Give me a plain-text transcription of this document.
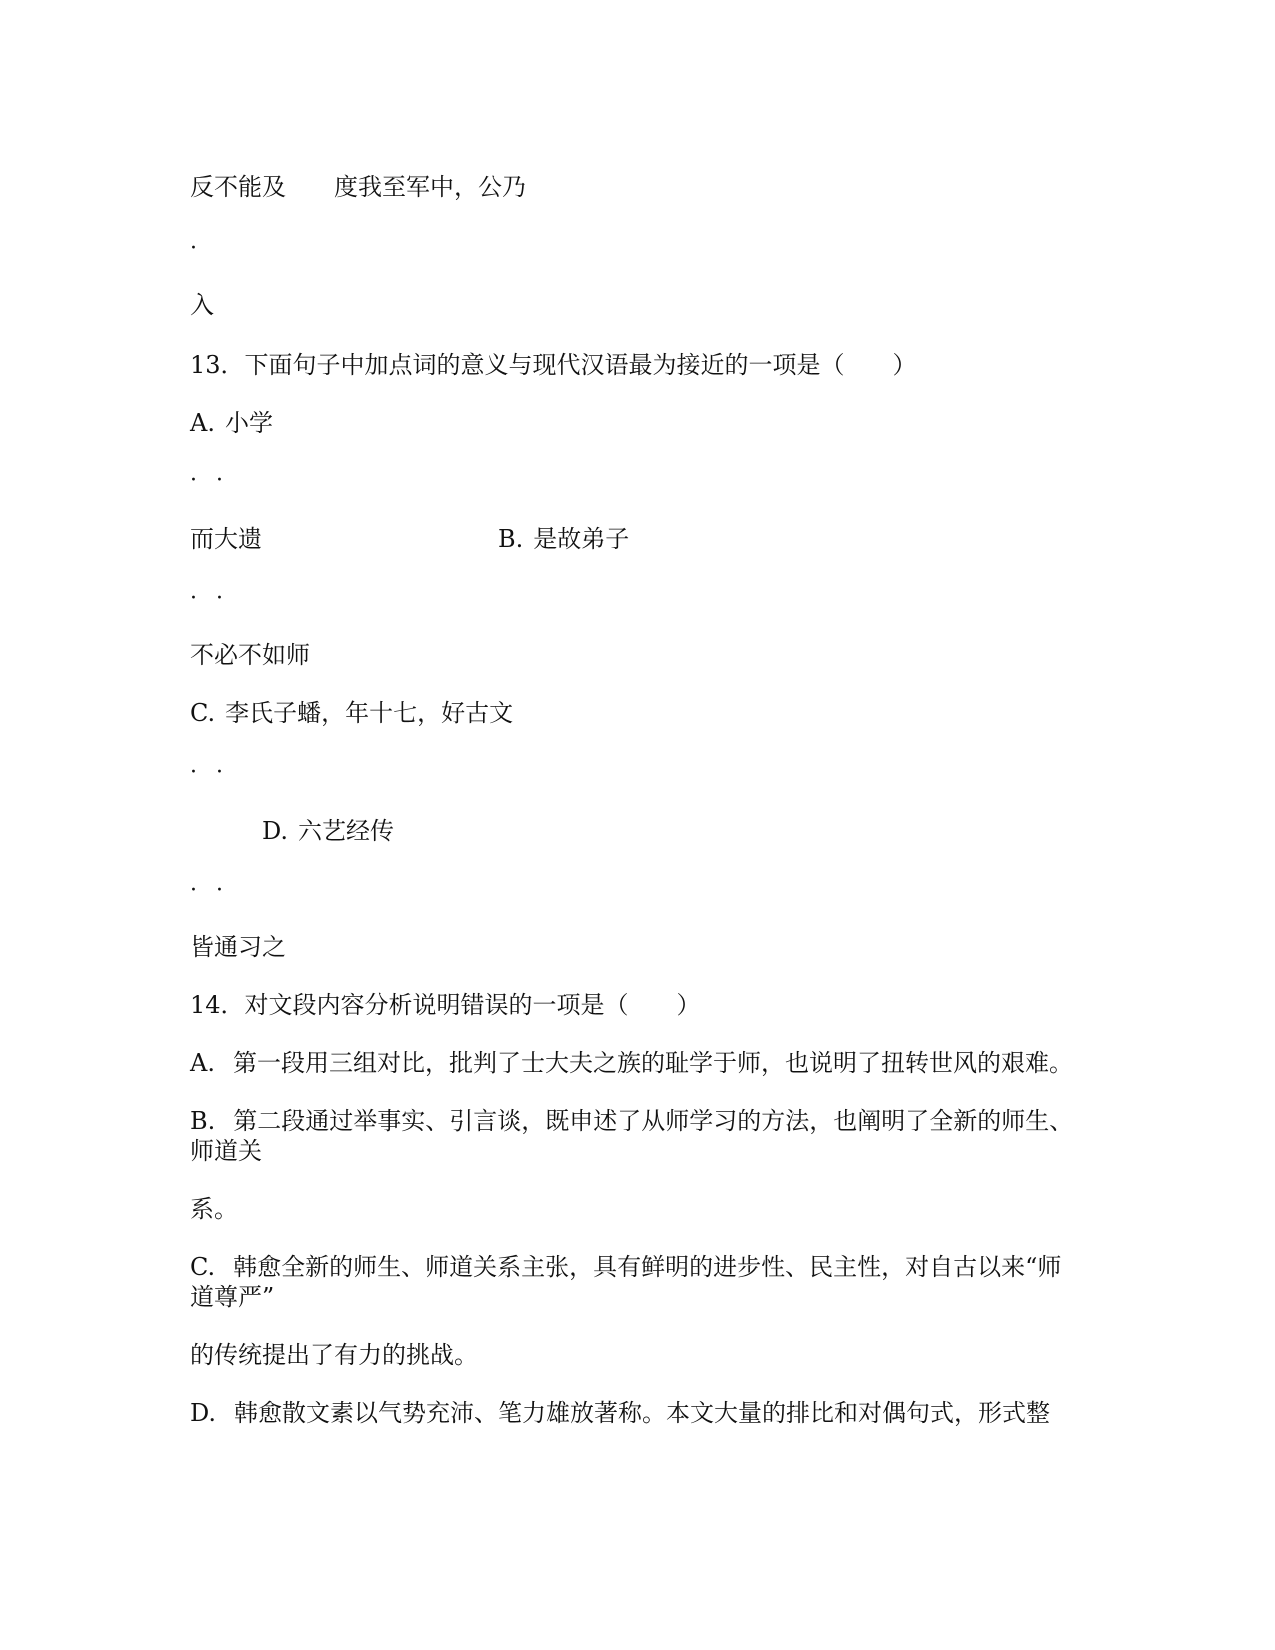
反不能及 度我至军中，公乃
·
入
13．下面句子中加点词的意义与现代汉语最为接近的一项是（　　）
A. 小学
· ·
而大遗	B. 是故弟子
· ·
不必不如师
C. 李氏子蟠，年十七，好古文
· ·
D. 六艺经传
· ·
皆通习之
14．对文段内容分析说明错误的一项是（　　）
A. 第一段用三组对比，批判了士大夫之族的耻学于师，也说明了扭转世风的艰难。
B. 第二段通过举事实、引言谈，既申述了从师学习的方法，也阐明了全新的师生、
师道关
系。
C. 韩愈全新的师生、师道关系主张，具有鲜明的进步性、民主性，对自古以来“师
道尊严”
的传统提出了有力的挑战。
D. 韩愈散文素以气势充沛、笔力雄放著称。本文大量的排比和对偶句式，形式整
